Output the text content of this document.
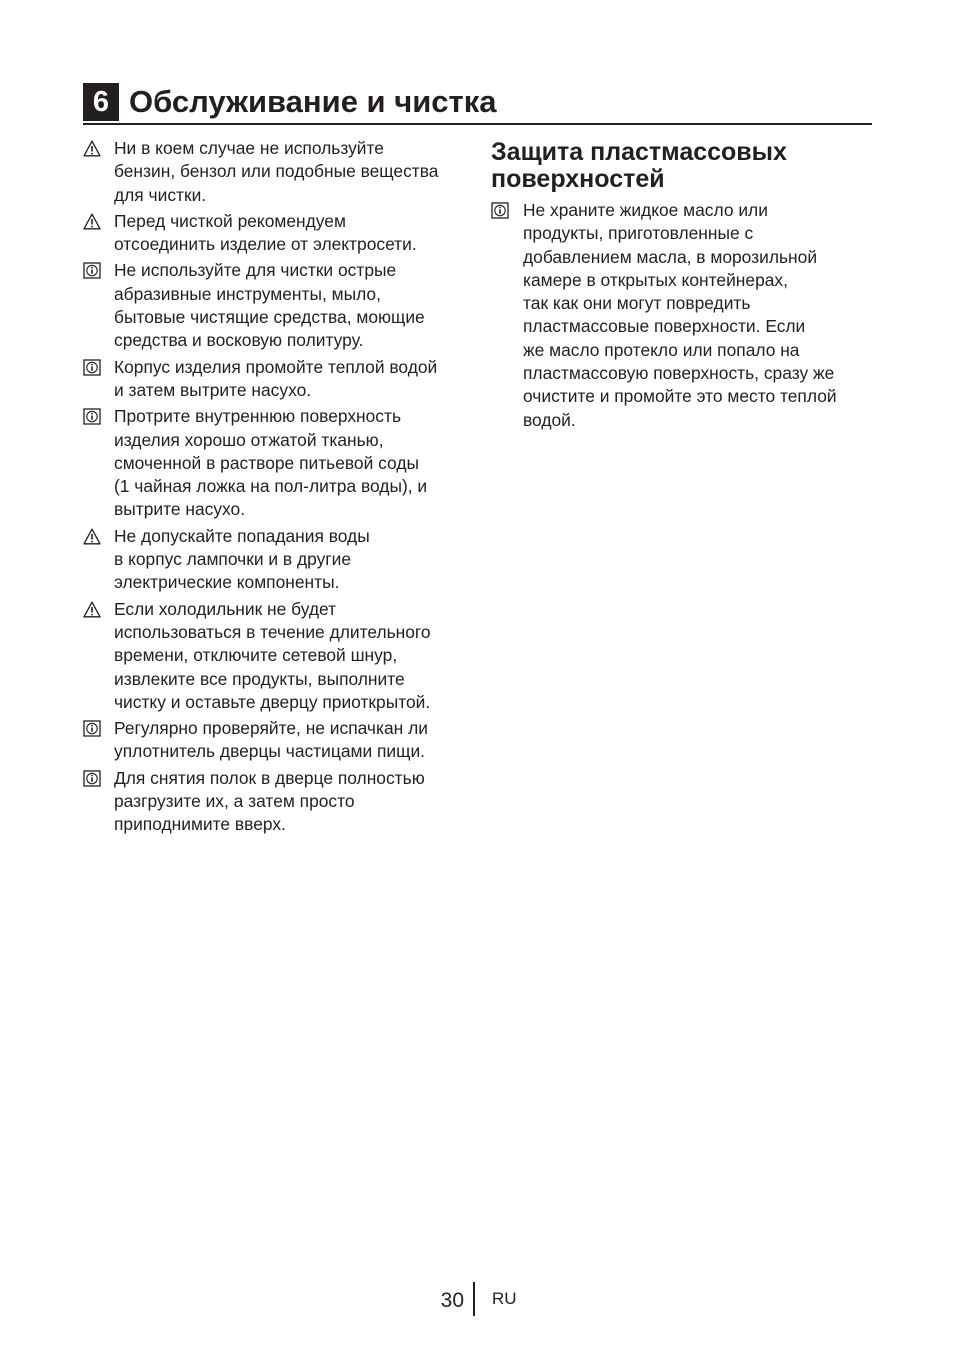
6 Обслуживание и чистка
Ни в коем случае не используйте
бензин, бензол или подобные вещества
для чистки.
Перед чисткой рекомендуем
отсоединить изделие от электросети.
Не используйте для чистки острые
абразивные инструменты, мыло,
бытовые чистящие средства, моющие
средства и восковую политуру.
Корпус изделия промойте теплой водой
и затем вытрите насухо.
Протрите внутреннюю поверхность
изделия хорошо отжатой тканью,
смоченной в растворе питьевой соды
(1 чайная ложка на пол-литра воды), и
вытрите насухо.
Не допускайте попадания воды
в корпус лампочки и в другие
электрические компоненты.
Если холодильник не будет
использоваться в течение длительного
времени, отключите сетевой шнур,
извлеките все продукты, выполните
чистку и оставьте дверцу приоткрытой.
Регулярно проверяйте, не испачкан ли
уплотнитель дверцы частицами пищи.
Для снятия полок в дверце полностью
разгрузите их, а затем просто
приподнимите вверх.
Защита пластмассовых
поверхностей
Не храните жидкое масло или
продукты, приготовленные с
добавлением масла, в морозильной
камере в открытых контейнерах,
так как они могут повредить
пластмассовые поверхности. Если
же масло протекло или попало на
пластмассовую поверхность, сразу же
очистите и промойте это место теплой
водой.
30 RU
